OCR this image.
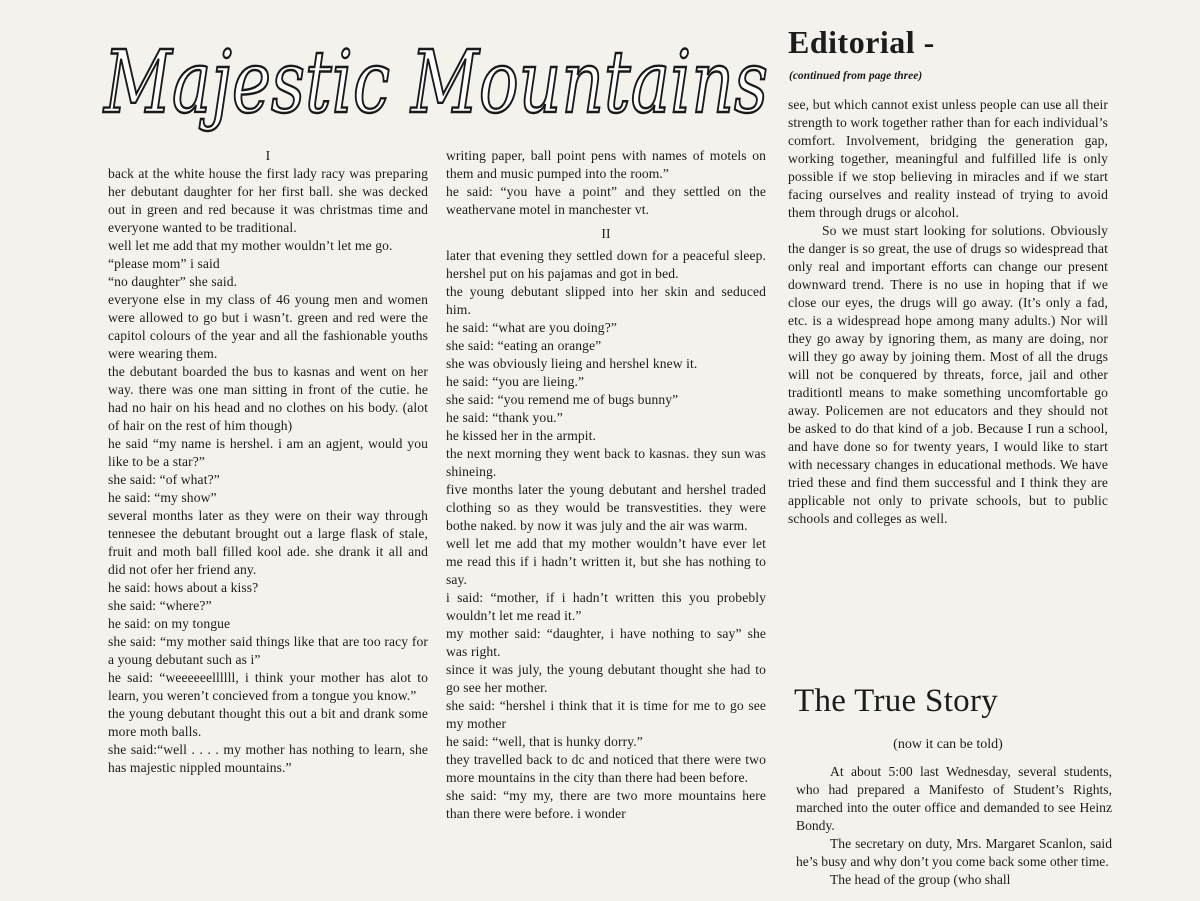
Majestic Mountains

I

back at the white house the first lady racy was preparing her debutant daughter for her first ball. she was decked out in green and red because it was christmas time and everyone wanted to be traditional.

well let me add that my mother wouldn’t let me go.

“please mom” i said

“no daughter” she said.

everyone else in my class of 46 young men and women were allowed to go but i wasn’t. green and red were the capitol colours of the year and all the fashionable youths were wearing them.

the debutant boarded the bus to kasnas and went on her way. there was one man sitting in front of the cutie. he had no hair on his head and no clothes on his body. (alot of hair on the rest of him though)

he said “my name is hershel. i am an agjent, would you like to be a star?”

she said: “of what?”

he said: “my show”

several months later as they were on their way through tennesee the debutant brought out a large flask of stale, fruit and moth ball filled kool ade. she drank it all and did not ofer her friend any.

he said: hows about a kiss?

she said: “where?”

he said: on my tongue

she said: “my mother said things like that are too racy for a young debutant such as i”

he said: “weeeeeellllll, i think your mother has alot to learn, you weren’t concieved from a tongue you know.”

the young debutant thought this out a bit and drank some more moth balls.

she said:“well . . . . my mother has nothing to learn, she has majestic nippled mountains.”

writing paper, ball point pens with names of motels on them and music pumped into the room.”

he said: “you have a point” and they settled on the weathervane motel in manchester vt.

II

later that evening they settled down for a peaceful sleep. hershel put on his pajamas and got in bed.

the young debutant slipped into her skin and seduced him.

he said: “what are you doing?”

she said: “eating an orange”

she was obviously lieing and hershel knew it.

he said: “you are lieing.”

she said: “you remend me of bugs bunny”

he said: “thank you.”

he kissed her in the armpit.

the next morning they went back to kasnas. they sun was shineing.

five months later the young debutant and hershel traded clothing so as they would be transvestities. they were bothe naked. by now it was july and the air was warm.

well let me add that my mother wouldn’t have ever let me read this if i hadn’t written it, but she has nothing to say.

i said: “mother, if i hadn’t written this you probebly wouldn’t let me read it.”

my mother said: “daughter, i have nothing to say” she was right.

since it was july, the young debutant thought she had to go see her mother.

she said: “hershel i think that it is time for me to go see my mother

he said: “well, that is hunky dorry.”

they travelled back to dc and noticed that there were two more mountains in the city than there had been before.

she said: “my my, there are two more mountains here than there were before. i wonder

Editorial -
(continued from page three)

see, but which cannot exist unless people can use all their strength to work together rather than for each individual’s comfort. Involvement, bridging the generation gap, working together, meaningful and fulfilled life is only possible if we stop believing in miracles and if we start facing ourselves and reality instead of trying to avoid them through drugs or alcohol.

So we must start looking for solutions. Obviously the danger is so great, the use of drugs so widespread that only real and important efforts can change our present downward trend. There is no use in hoping that if we close our eyes, the drugs will go away. (It’s only a fad, etc. is a widespread hope among many adults.) Nor will they go away by ignoring them, as many are doing, nor will they go away by joining them. Most of all the drugs will not be conquered by threats, force, jail and other traditiontl means to make something uncomfortable go away. Policemen are not educators and they should not be asked to do that kind of a job. Because I run a school, and have done so for twenty years, I would like to start with necessary changes in educational methods. We have tried these and find them successful and I think they are applicable not only to private schools, but to public schools and colleges as well.

The True Story
(now it can be told)

At about 5:00 last Wednesday, several students, who had prepared a Manifesto of Student’s Rights, marched into the outer office and demanded to see Heinz Bondy.

The secretary on duty, Mrs. Margaret Scanlon, said he’s busy and why don’t you come back some other time.

The head of the group (who shall
